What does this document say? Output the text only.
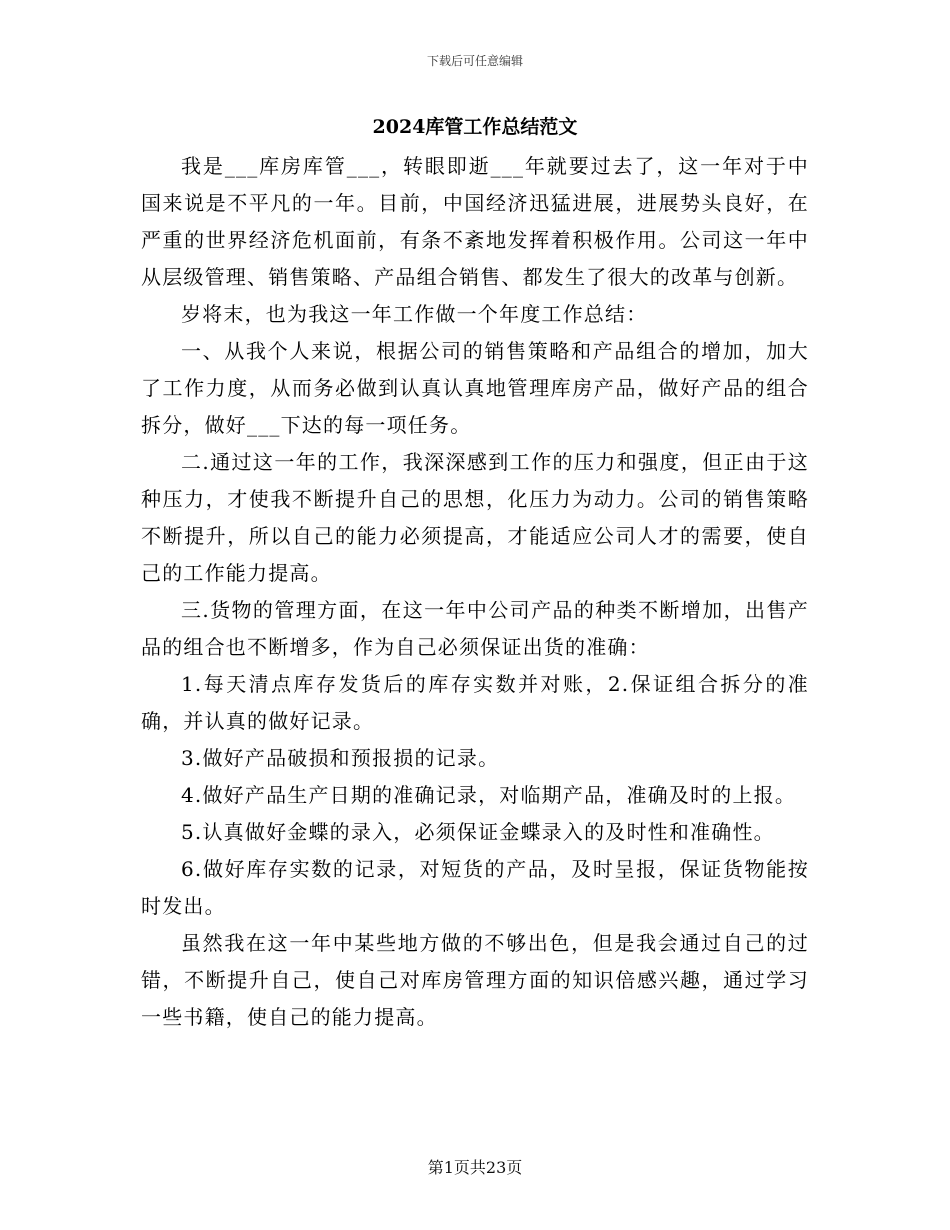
下载后可任意编辑
2024库管工作总结范文

我是___库房库管___，转眼即逝___年就要过去了，这一年对于中国来说是不平凡的一年。目前，中国经济迅猛进展，进展势头良好，在严重的世界经济危机面前，有条不紊地发挥着积极作用。公司这一年中从层级管理、销售策略、产品组合销售、都发生了很大的改革与创新。

岁将末，也为我这一年工作做一个年度工作总结：

一、从我个人来说，根据公司的销售策略和产品组合的增加，加大了工作力度，从而务必做到认真认真地管理库房产品，做好产品的组合拆分，做好___下达的每一项任务。

二.通过这一年的工作，我深深感到工作的压力和强度，但正由于这种压力，才使我不断提升自己的思想，化压力为动力。公司的销售策略不断提升，所以自己的能力必须提高，才能适应公司人才的需要，使自己的工作能力提高。

三.货物的管理方面，在这一年中公司产品的种类不断增加，出售产品的组合也不断增多，作为自己必须保证出货的准确：

1.每天清点库存发货后的库存实数并对账，2.保证组合拆分的准确，并认真的做好记录。

3.做好产品破损和预报损的记录。

4.做好产品生产日期的准确记录，对临期产品，准确及时的上报。

5.认真做好金蝶的录入，必须保证金蝶录入的及时性和准确性。

6.做好库存实数的记录，对短货的产品，及时呈报，保证货物能按时发出。

虽然我在这一年中某些地方做的不够出色，但是我会通过自己的过错，不断提升自己，使自己对库房管理方面的知识倍感兴趣，通过学习一些书籍，使自己的能力提高。

第1页共23页
